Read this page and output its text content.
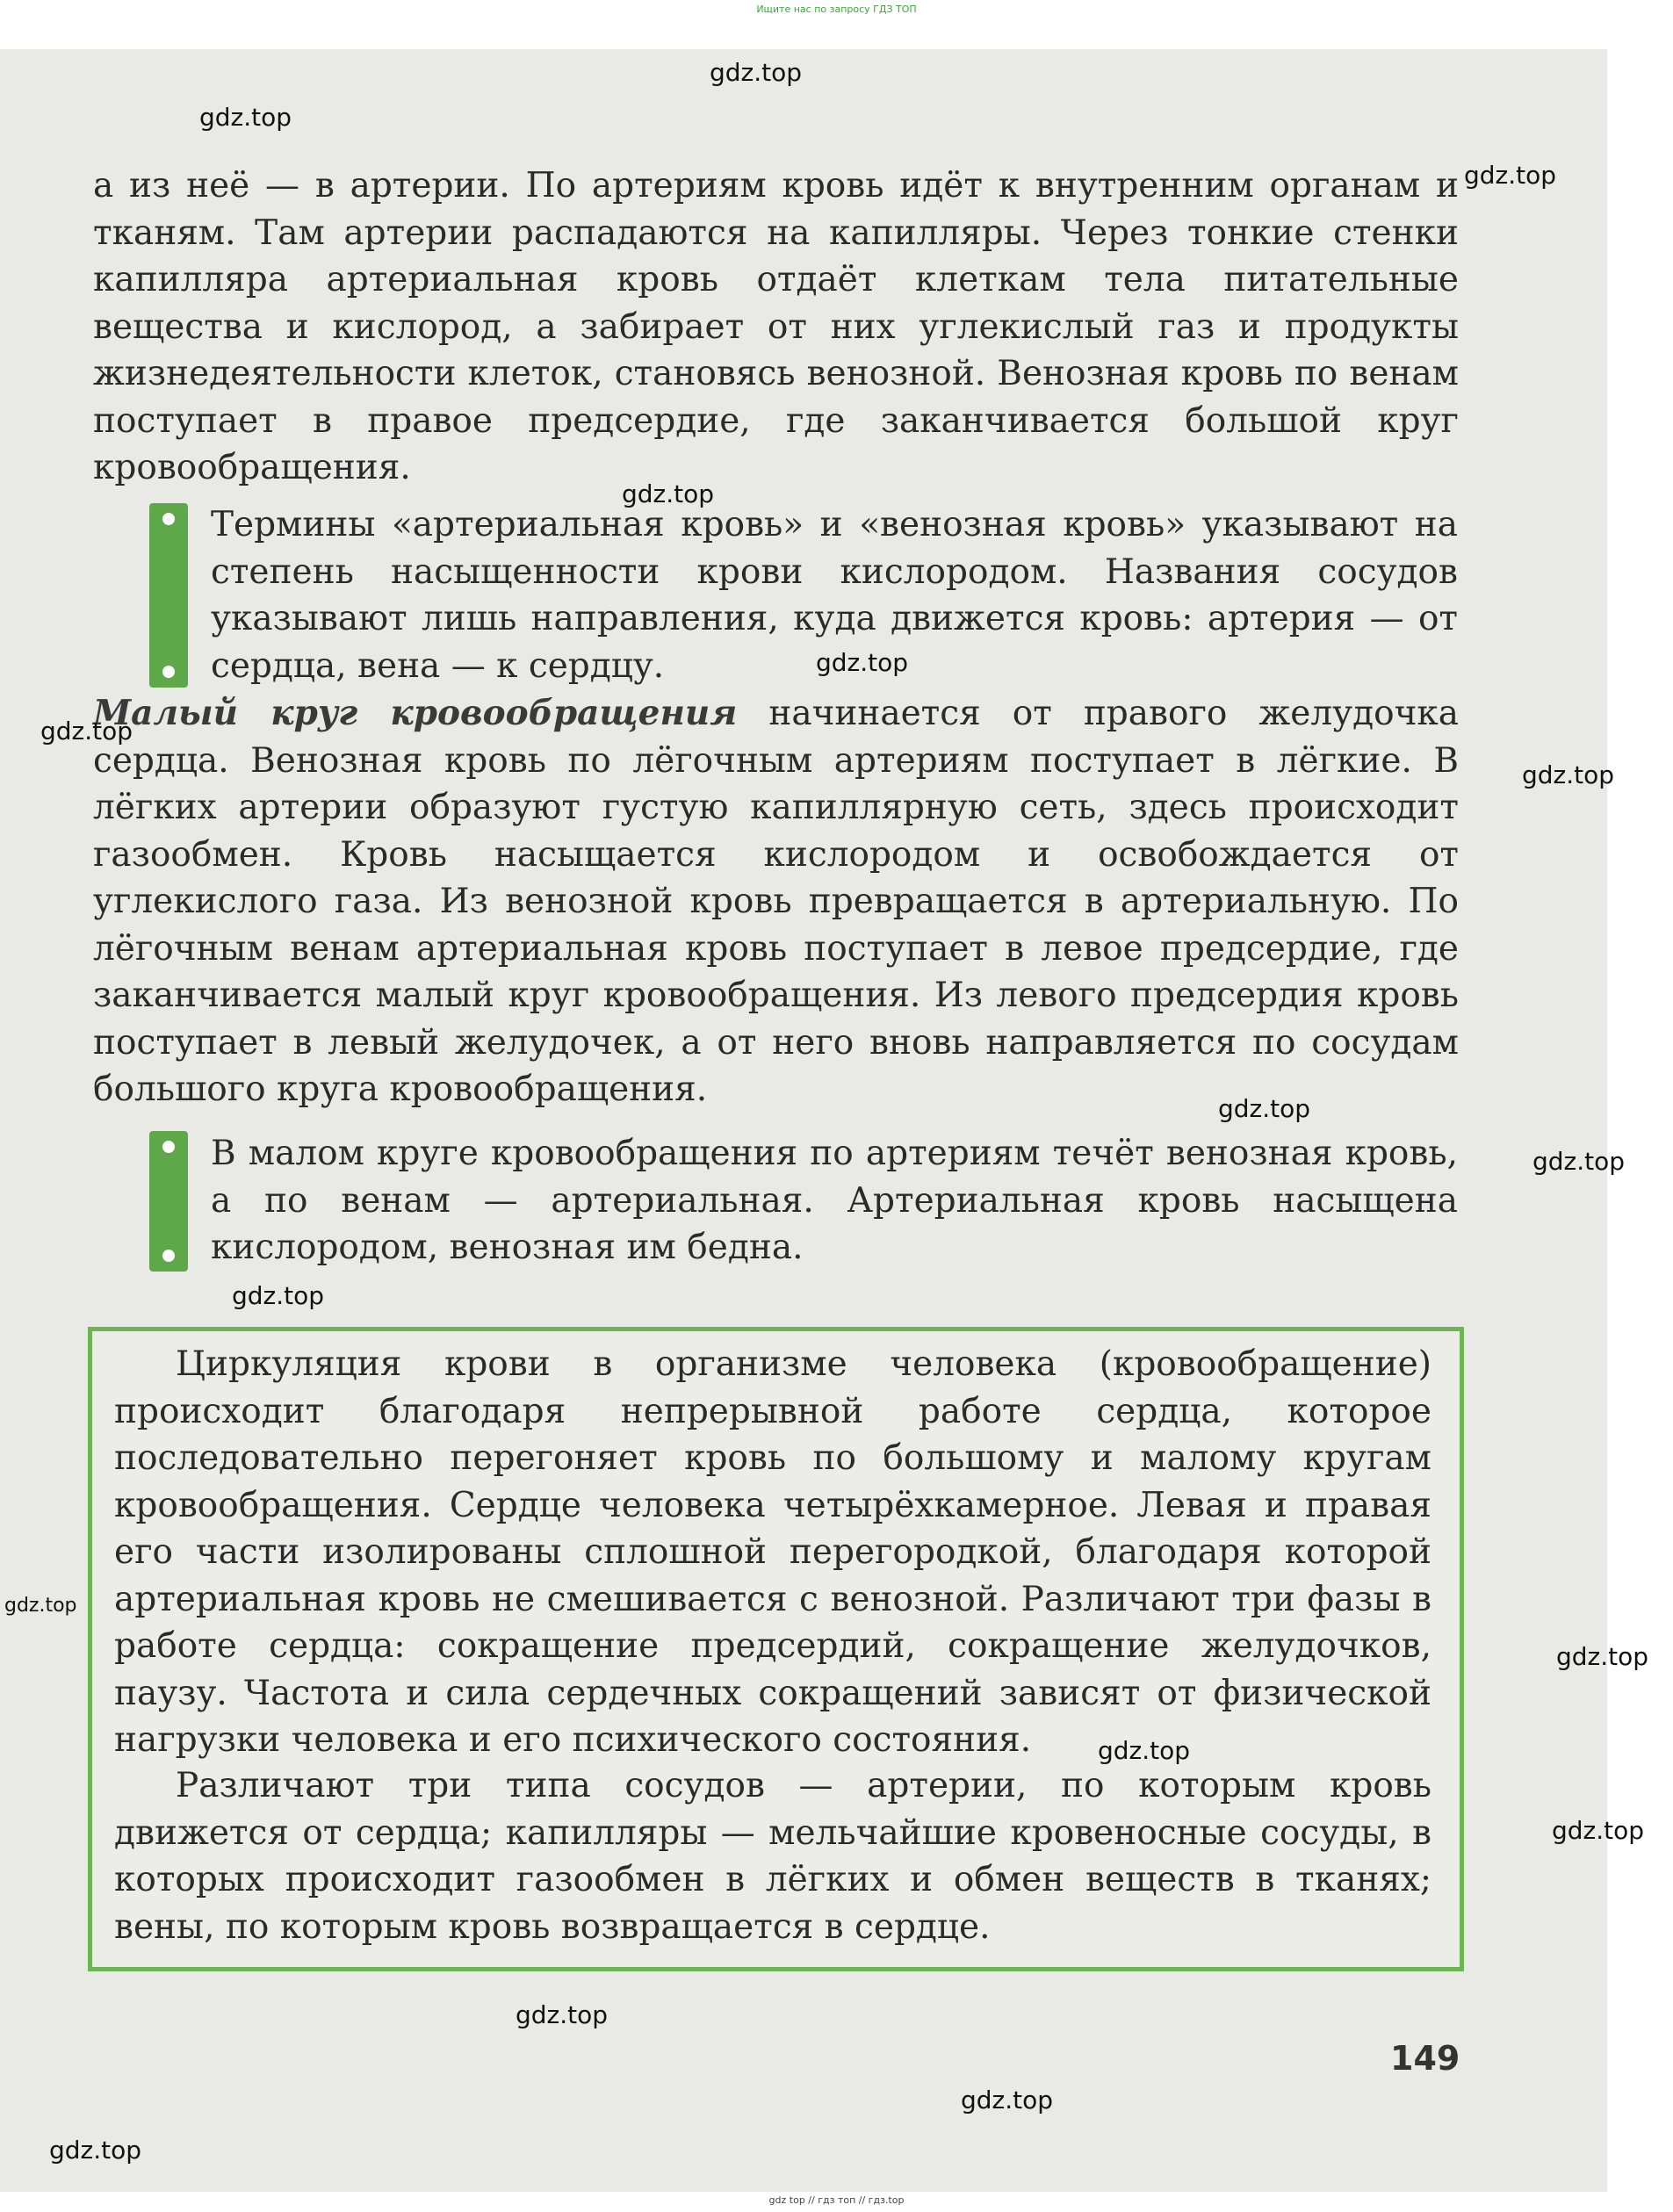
Ищите нас по запросу ГДЗ ТОП

а из неё — в артерии. По артериям кровь идёт к внутренним органам и тканям. Там артерии распадаются на капилляры. Через тонкие стенки капилляра артериальная кровь отдаёт клеткам тела питательные вещества и кислород, а забирает от них углекислый газ и продукты жизнедеятельности клеток, становясь венозной. Венозная кровь по венам поступает в правое предсердие, где заканчивается большой круг кровообращения.

Термины «артериальная кровь» и «венозная кровь» указывают на степень насыщенности крови кислородом. Названия сосудов указывают лишь направления, куда движется кровь: артерия — от сердца, вена — к сердцу.

Малый круг кровообращения начинается от правого желудочка сердца. Венозная кровь по лёгочным артериям поступает в лёгкие. В лёгких артерии образуют густую капиллярную сеть, здесь происходит газообмен. Кровь насыщается кислородом и освобождается от углекислого газа. Из венозной кровь превращается в артериальную. По лёгочным венам артериальная кровь поступает в левое предсердие, где заканчивается малый круг кровообращения. Из левого предсердия кровь поступает в левый желудочек, а от него вновь направляется по сосудам большого круга кровообращения.

В малом круге кровообращения по артериям течёт венозная кровь, а по венам — артериальная. Артериальная кровь насыщена кислородом, венозная им бедна.

Циркуляция крови в организме человека (кровообращение) происходит благодаря непрерывной работе сердца, которое последовательно перегоняет кровь по большому и малому кругам кровообращения. Сердце человека четырёхкамерное. Левая и правая его части изолированы сплошной перегородкой, благодаря которой артериальная кровь не смешивается с венозной. Различают три фазы в работе сердца: сокращение предсердий, сокращение желудочков, паузу. Частота и сила сердечных сокращений зависят от физической нагрузки человека и его психического состояния.

Различают три типа сосудов — артерии, по которым кровь движется от сердца; капилляры — мельчайшие кровеносные сосуды, в которых происходит газообмен в лёгких и обмен веществ в тканях; вены, по которым кровь возвращается в сердце.

149
gdz.top
gdz.top
gdz.top
gdz.top
gdz.top
gdz.top
gdz.top
gdz.top
gdz.top
gdz.top
gdz.top
gdz.top
gdz.top
gdz.top
gdz.top
gdz.top
gdz.top
gdz top // гдз топ // гдз.top
